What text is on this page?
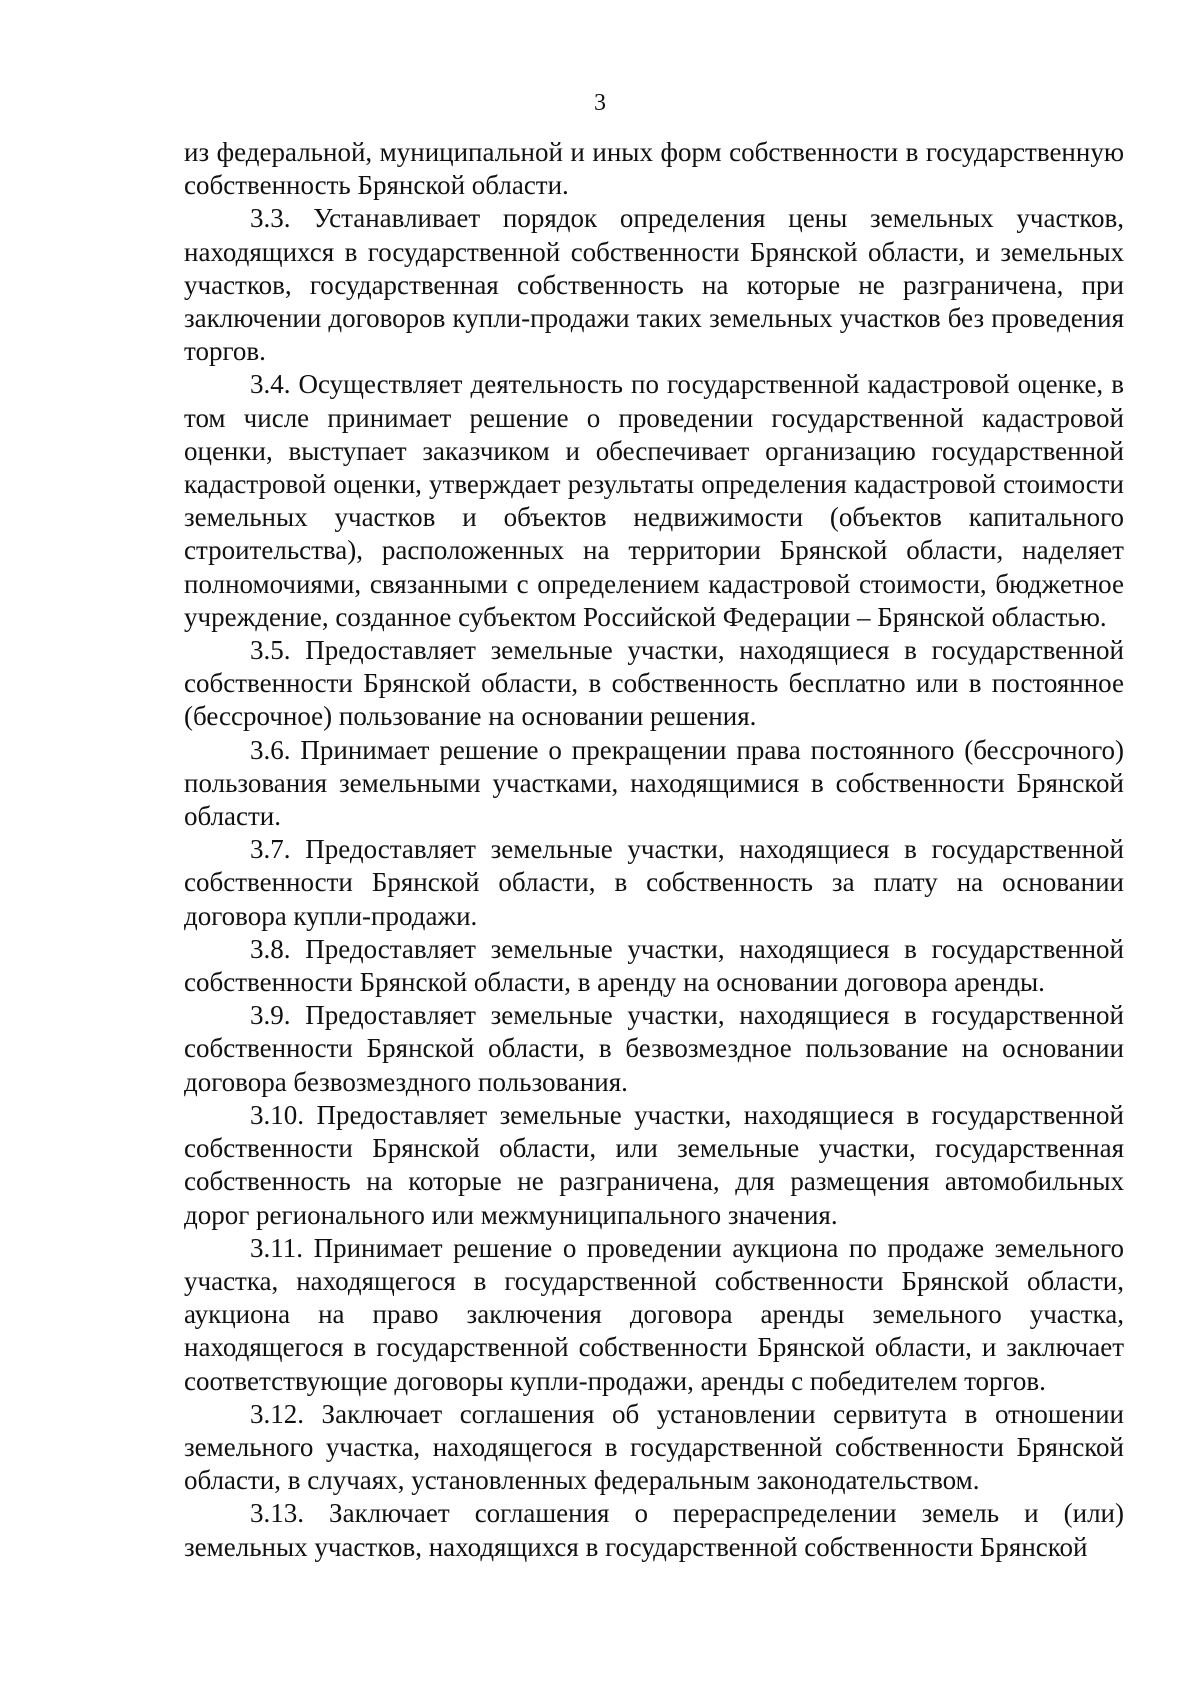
3

из федеральной, муниципальной и иных форм собственности в государственную собственность Брянской области.

3.3. Устанавливает порядок определения цены земельных участков, находящихся в государственной собственности Брянской области, и земельных участков, государственная собственность на которые не разграничена, при заключении договоров купли-продажи таких земельных участков без проведения торгов.

3.4. Осуществляет деятельность по государственной кадастровой оценке, в том числе принимает решение о проведении государственной кадастровой оценки, выступает заказчиком и обеспечивает организацию государственной кадастровой оценки, утверждает результаты определения кадастровой стоимости земельных участков и объектов недвижимости (объектов капитального строительства), расположенных на территории Брянской области, наделяет полномочиями, связанными с определением кадастровой стоимости, бюджетное учреждение, созданное субъектом Российской Федерации – Брянской областью.

3.5. Предоставляет земельные участки, находящиеся в государственной собственности Брянской области, в собственность бесплатно или в постоянное (бессрочное) пользование на основании решения.

3.6. Принимает решение о прекращении права постоянного (бессрочного) пользования земельными участками, находящимися в собственности Брянской области.

3.7. Предоставляет земельные участки, находящиеся в государственной собственности Брянской области, в собственность за плату на основании договора купли-продажи.

3.8. Предоставляет земельные участки, находящиеся в государственной собственности Брянской области, в аренду на основании договора аренды.

3.9. Предоставляет земельные участки, находящиеся в государственной собственности Брянской области, в безвозмездное пользование на основании договора безвозмездного пользования.

3.10. Предоставляет земельные участки, находящиеся в государственной собственности Брянской области, или земельные участки, государственная собственность на которые не разграничена, для размещения автомобильных дорог регионального или межмуниципального значения.

3.11. Принимает решение о проведении аукциона по продаже земельного участка, находящегося в государственной собственности Брянской области, аукциона на право заключения договора аренды земельного участка, находящегося в государственной собственности Брянской области, и заключает соответствующие договоры купли-продажи, аренды с победителем торгов.

3.12. Заключает соглашения об установлении сервитута в отношении земельного участка, находящегося в государственной собственности Брянской области, в случаях, установленных федеральным законодательством.

3.13. Заключает соглашения о перераспределении земель и (или) земельных участков, находящихся в государственной собственности Брянской
